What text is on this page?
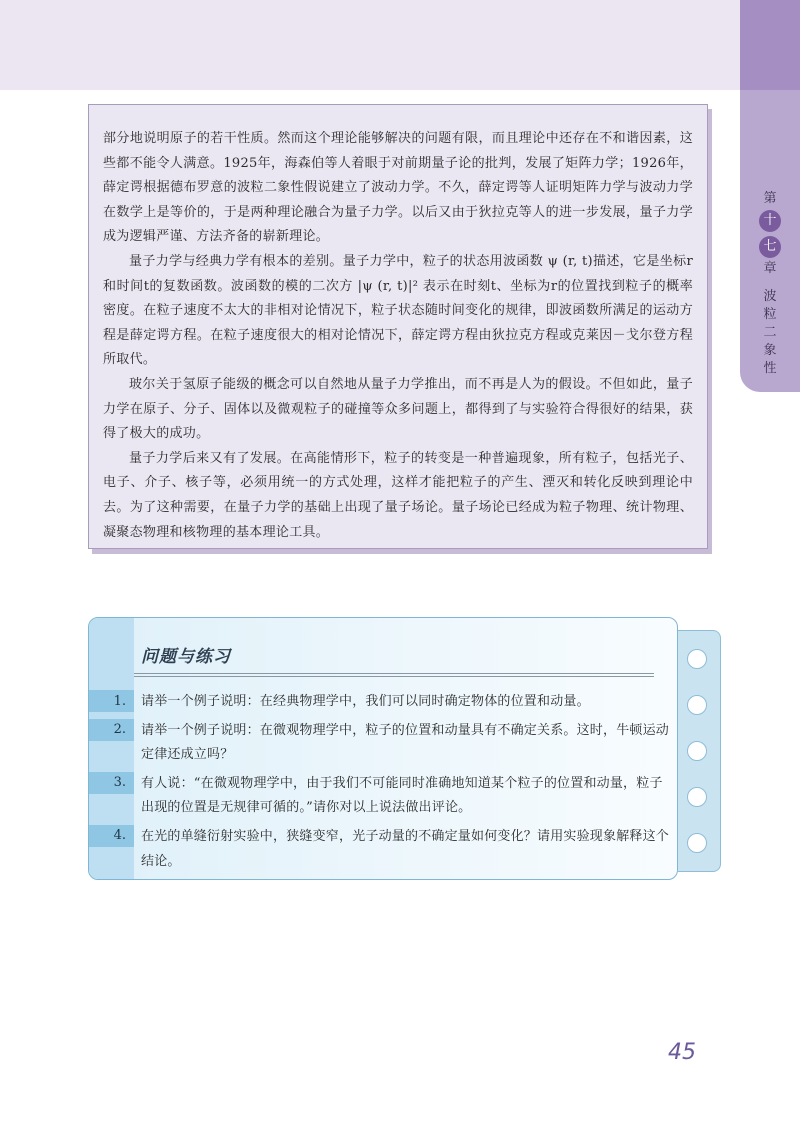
第
十
七
章
波
粒
二
象
性

部分地说明原子的若干性质。然而这个理论能够解决的问题有限，而且理论中还存在不和谐因素，这些都不能令人满意。1925年，海森伯等人着眼于对前期量子论的批判，发展了矩阵力学；1926年，薛定谔根据德布罗意的波粒二象性假说建立了波动力学。不久，薛定谔等人证明矩阵力学与波动力学在数学上是等价的，于是两种理论融合为量子力学。以后又由于狄拉克等人的进一步发展，量子力学成为逻辑严谨、方法齐备的崭新理论。

量子力学与经典力学有根本的差别。量子力学中，粒子的状态用波函数 ψ (r, t)描述，它是坐标r和时间t的复数函数。波函数的模的二次方 |ψ (r, t)|² 表示在时刻t、坐标为r的位置找到粒子的概率密度。在粒子速度不太大的非相对论情况下，粒子状态随时间变化的规律，即波函数所满足的运动方程是薛定谔方程。在粒子速度很大的相对论情况下，薛定谔方程由狄拉克方程或克莱因－戈尔登方程所取代。

玻尔关于氢原子能级的概念可以自然地从量子力学推出，而不再是人为的假设。不但如此，量子力学在原子、分子、固体以及微观粒子的碰撞等众多问题上，都得到了与实验符合得很好的结果，获得了极大的成功。

量子力学后来又有了发展。在高能情形下，粒子的转变是一种普遍现象，所有粒子，包括光子、电子、介子、核子等，必须用统一的方式处理，这样才能把粒子的产生、湮灭和转化反映到理论中去。为了这种需要，在量子力学的基础上出现了量子场论。量子场论已经成为粒子物理、统计物理、凝聚态物理和核物理的基本理论工具。

问题与练习
1.	请举一个例子说明：在经典物理学中，我们可以同时确定物体的位置和动量。
2.	请举一个例子说明：在微观物理学中，粒子的位置和动量具有不确定关系。这时，牛顿运动定律还成立吗？
3.	有人说：“在微观物理学中，由于我们不可能同时准确地知道某个粒子的位置和动量，粒子出现的位置是无规律可循的。”请你对以上说法做出评论。
4.	在光的单缝衍射实验中，狭缝变窄，光子动量的不确定量如何变化？请用实验现象解释这个结论。
45
